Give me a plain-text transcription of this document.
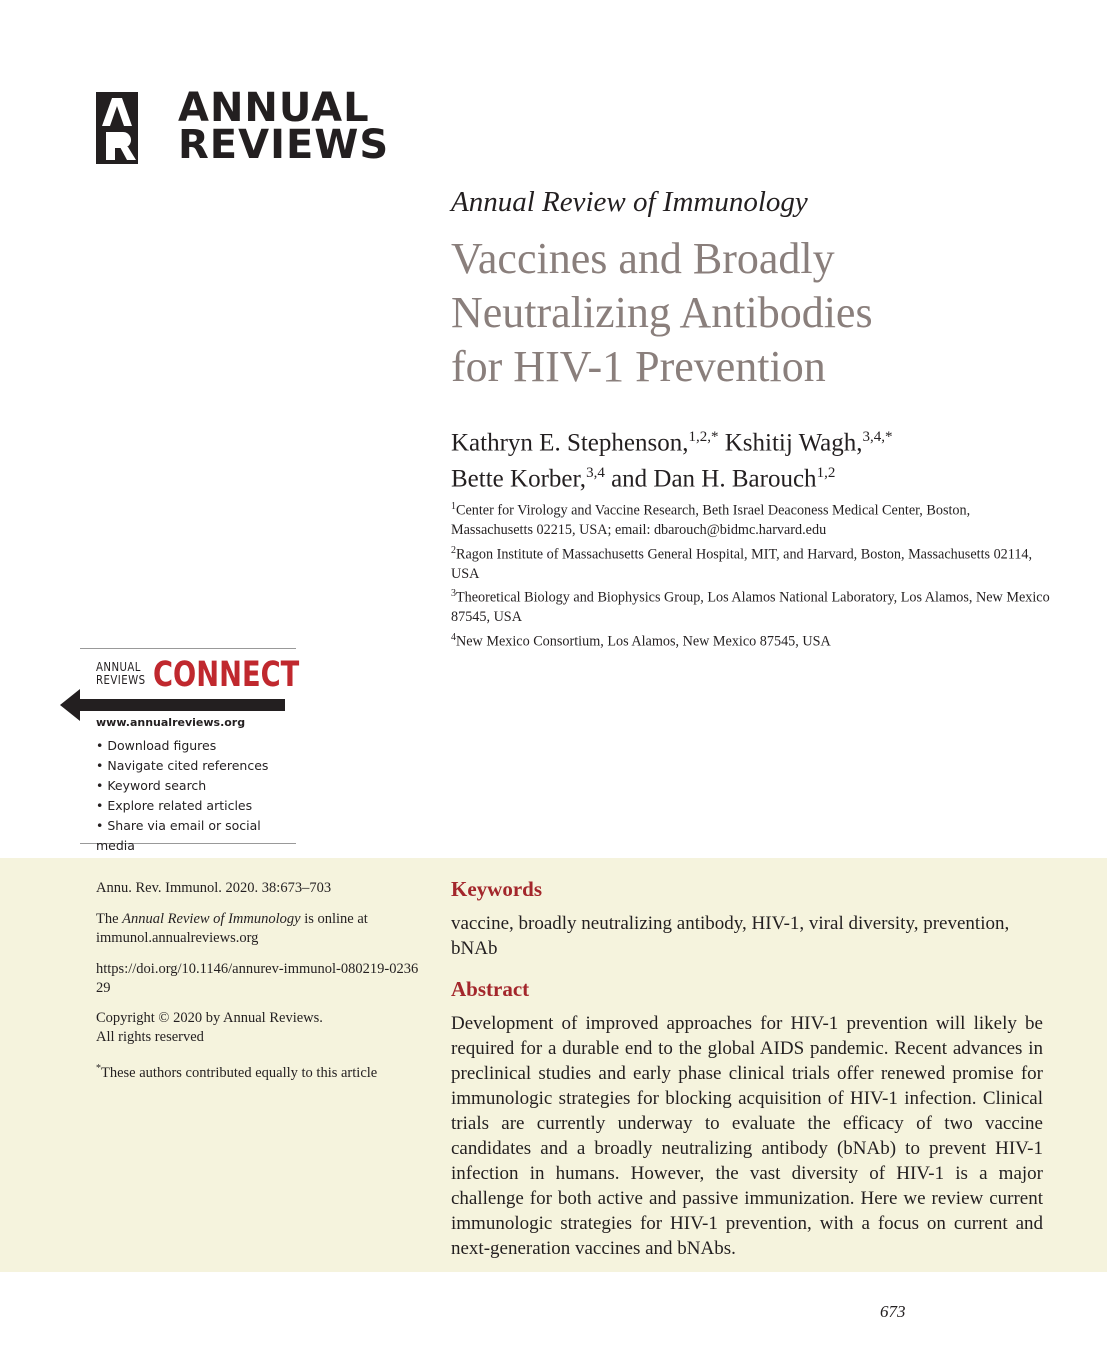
ANNUAL
REVIEWS
Annual Review of Immunology
Vaccines and Broadly
Neutralizing Antibodies
for HIV-1 Prevention
Kathryn E. Stephenson,$^{1,2,*}$ Kshitij Wagh,$^{3,4,*}$
Bette Korber,$^{3,4}$ and Dan H. Barouch$^{1,2}$
$^1$Center for Virology and Vaccine Research, Beth Israel Deaconess Medical Center, Boston, Massachusetts 02215, USA; email: dbarouch@bidmc.harvard.edu
$^2$Ragon Institute of Massachusetts General Hospital, MIT, and Harvard, Boston, Massachusetts 02114, USA
$^3$Theoretical Biology and Biophysics Group, Los Alamos National Laboratory, Los Alamos, New Mexico 87545, USA
$^4$New Mexico Consortium, Los Alamos, New Mexico 87545, USA
ANNUAL
REVIEWS CONNECT
www.annualreviews.org
• Download figures
• Navigate cited references
• Keyword search
• Explore related articles
• Share via email or social media
Annu. Rev. Immunol. 2020. 38:673–703
The Annual Review of Immunology is online at immunol.annualreviews.org
https://doi.org/10.1146/annurev-immunol-080219-023629
Copyright © 2020 by Annual Reviews.
All rights reserved
*These authors contributed equally to this article
Keywords
vaccine, broadly neutralizing antibody, HIV-1, viral diversity, prevention, bNAb
Abstract
Development of improved approaches for HIV-1 prevention will likely be required for a durable end to the global AIDS pandemic. Recent advances in preclinical studies and early phase clinical trials offer renewed promise for immunologic strategies for blocking acquisition of HIV-1 infection. Clinical trials are currently underway to evaluate the efficacy of two vaccine candidates and a broadly neutralizing antibody (bNAb) to prevent HIV-1 infection in humans. However, the vast diversity of HIV-1 is a major challenge for both active and passive immunization. Here we review current immunologic strategies for HIV-1 prevention, with a focus on current and next-generation vaccines and bNAbs.
673
